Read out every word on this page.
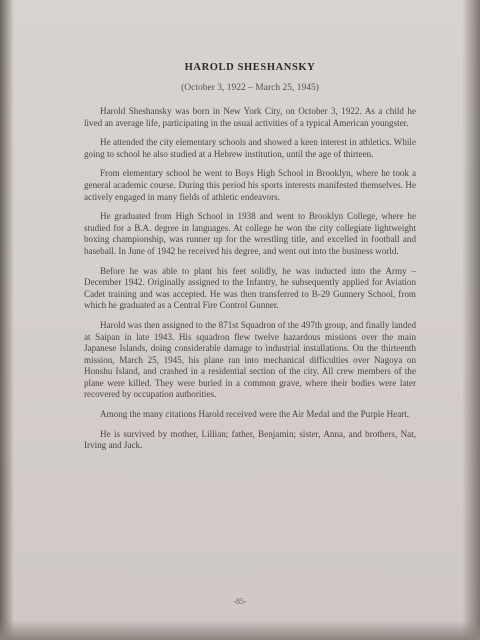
HAROLD SHESHANSKY

(October 3, 1922 – March 25, 1945)

Harold Sheshansky was born in New York City, on October 3, 1922. As a child he lived an average life, participating in the usual activities of a typical American youngster.

He attended the city elementary schools and showed a keen interest in athletics. While going to school he also studied at a Hebrew institution, until the age of thirteen.

From elementary school he went to Boys High School in Brooklyn, where he took a general academic course. During this period his sports interests manifested themselves. He actively engaged in many fields of athletic endeavors.

He graduated from High School in 1938 and went to Brooklyn College, where he studied for a B.A. degree in languages. At college he won the city collegiate lightweight boxing championship, was runner up for the wrestling title, and excelled in football and baseball. In June of 1942 he received his degree, and went out into the business world.

Before he was able to plant his feet solidly, he was inducted into the Army – December 1942. Originally assigned to the Infantry, he subsequently applied for Aviation Cadet training and was accepted. He was then transferred to B-29 Gunnery School, from which he graduated as a Central Fire Control Gunner.

Harold was then assigned to the 871st Squadron of the 497th group, and finally landed at Saipan in late 1943. His squadron flew twelve hazardous missions over the main Japanese Islands, doing considerable damage to industrial installations. On the thirteenth mission, March 25, 1945, his plane ran into mechanical difficulties over Nagoya on Honshu Island, and crashed in a residential section of the city. All crew members of the plane were killed. They were buried in a common grave, where their bodies were later recovered by occupation authorities.

Among the many citations Harold received were the Air Medal and the Purple Heart.

He is survived by mother, Lillian; father, Benjamin; sister, Anna, and brothers, Nat, Irving and Jack.

-85-
